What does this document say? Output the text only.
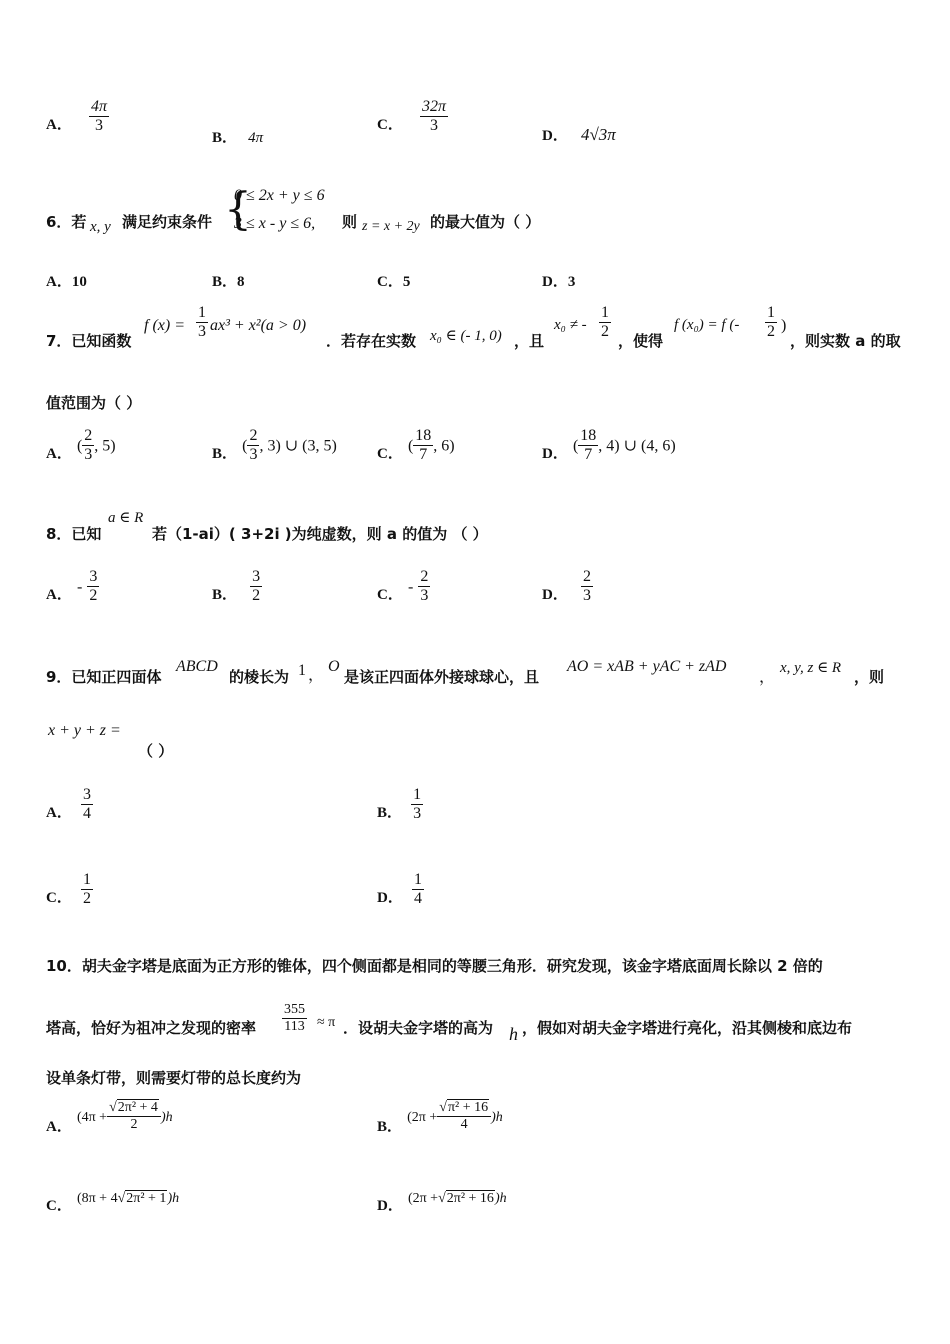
A． $\frac{4\pi}{3}$
B． 4π
C． $\frac{32\pi}{3}$
D． 4√3π
6．若 x, y 满足约束条件 {
0 ≤ 2x + y ≤ 6
3 ≤ x - y ≤ 6, 则 z = x + 2y 的最大值为（ ）
A．10	B．8	C．5	D．3
7．已知函数
f $(x) = \frac{1}{3} ax^3 + x^2(a > 0)$
．若存在实数 x₀ ∈ (- 1, 0) ，且
x₀ ≠ - $\frac{1}{2}$ ，使得
f (x₀) = f (- $\frac{1}{2}$ )
，则实数 a 的取
值范围为（ ）
A． ( $\frac{2}{3}$ , 5)	B． ( $\frac{2}{3}$ , 3) ∪ (3, 5)	C． ( $\frac{18}{7}$ , 6)	D． ( $\frac{18}{7}$ , 4) ∪ (4, 6)
8．已知
a ∈ R
若（1-ai）( 3+2i )为纯虚数，则 a 的值为 （ ）
A． - $\frac{3}{2}$	B． $\frac{3}{2}$	C． - $\frac{2}{3}$	D． $\frac{2}{3}$
9．已知正四面体
ABCD
的棱长为 1 ，
O
是该正四面体外接球球心，且
AO = xAB + yAC + zAD
，
x, y, z ∈ R ，则
x + y + z =
（ ）
A． $\frac{3}{4}$	B． $\frac{1}{3}$
C． $\frac{1}{2}$	D． $\frac{1}{4}$
10．胡夫金字塔是底面为正方形的锥体，四个侧面都是相同的等腰三角形．研究发现，该金字塔底面周长除以 2 倍的
塔高，恰好为祖冲之发现的密率 $\frac{355}{113} \approx \pi$ ．设胡夫金字塔的高为 h ，假如对胡夫金字塔进行亮化，沿其侧棱和底边布
设单条灯带，则需要灯带的总长度约为
A． $(4\pi + \frac{\text{√2π² + 4}}{2} )h$
B． $(2\pi + \frac{\text{√π² + 16}}{4} )h$
C． (8π + 4√2π² + 1)h	D． (2π +√2π² + 16)h
